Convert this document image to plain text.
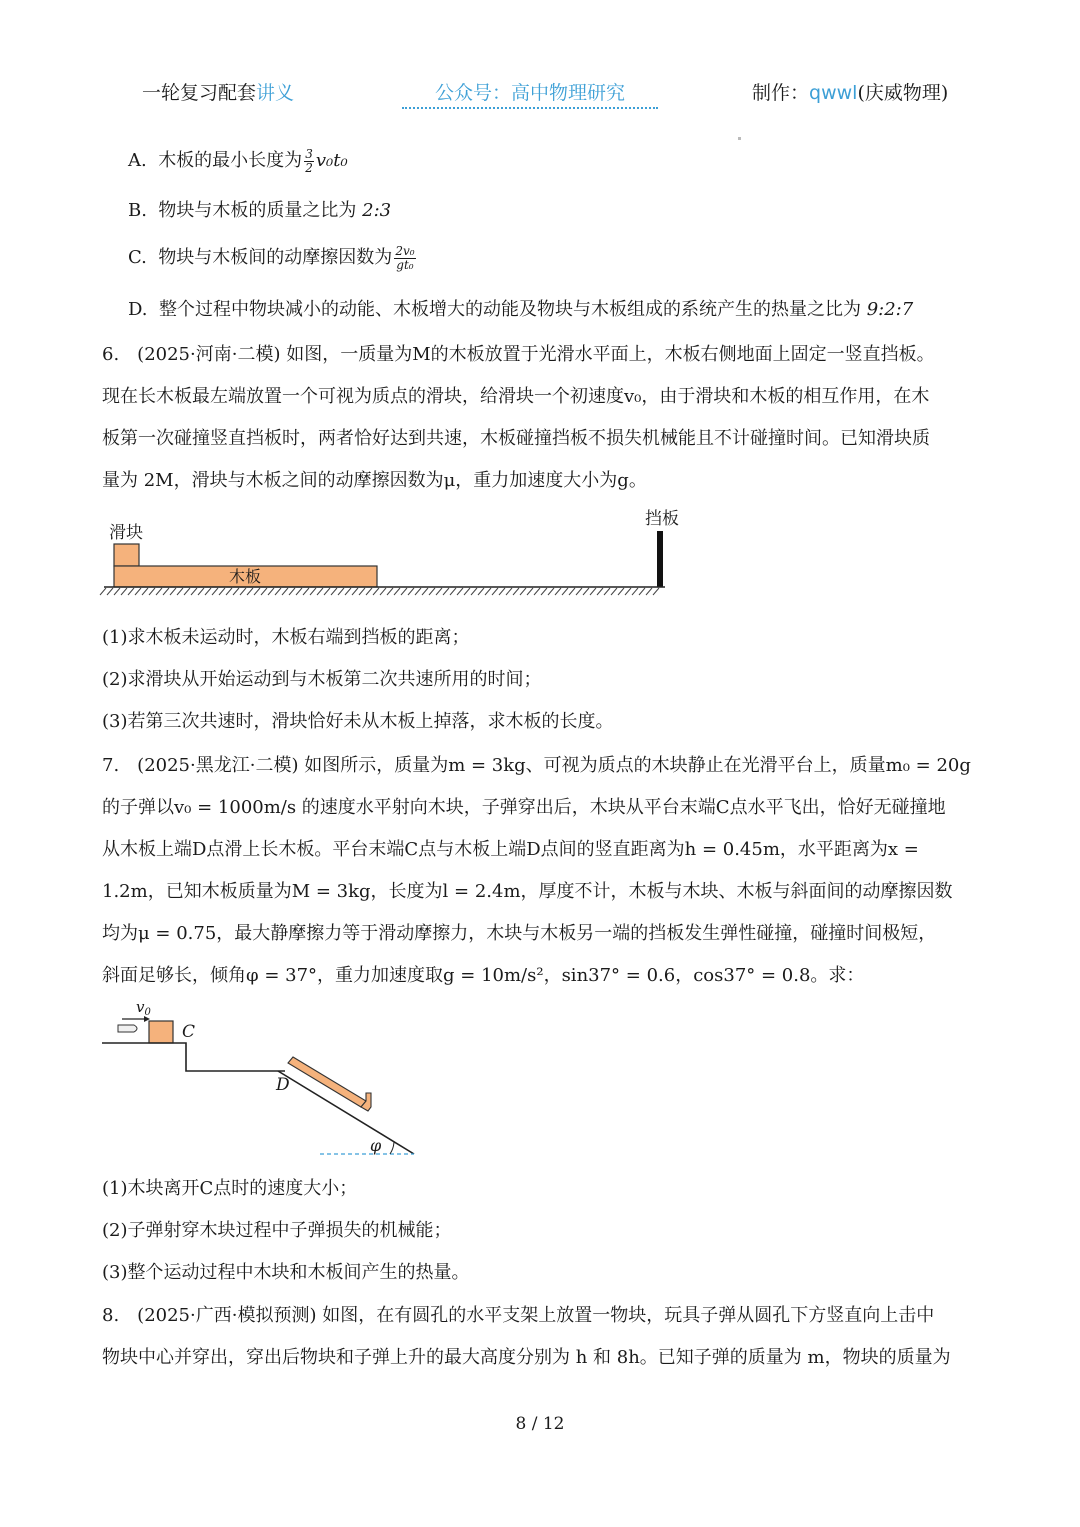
一轮复习配套讲义	公众号：高中物理研究	制作：qwwl(庆威物理)
A. 木板的最小长度为 $\frac{3}{2} v_0t_0$
B. 物块与木板的质量之比为 2:3
C. 物块与木板间的动摩擦因数为 $\frac{\text{2v₀}}{\text{gt₀}}$
D. 整个过程中物块减小的动能、木板增大的动能及物块与木板组成的系统产生的热量之比为 9:2:7
6.　(2025·河南·二模) 如图，一质量为M的木板放置于光滑水平面上，木板右侧地面上固定一竖直挡板。
现在长木板最左端放置一个可视为质点的滑块，给滑块一个初速度v₀，由于滑块和木板的相互作用，在木
板第一次碰撞竖直挡板时，两者恰好达到共速，木板碰撞挡板不损失机械能且不计碰撞时间。已知滑块质
量为 2M，滑块与木板之间的动摩擦因数为μ，重力加速度大小为g。
滑块
木板
挡板
(1)求木板未运动时，木板右端到挡板的距离；
(2)求滑块从开始运动到与木板第二次共速所用的时间；
(3)若第三次共速时，滑块恰好未从木板上掉落，求木板的长度。
7.　(2025·黑龙江·二模) 如图所示，质量为m = 3kg、可视为质点的木块静止在光滑平台上，质量m₀ = 20g
的子弹以v₀ = 1000m/s 的速度水平射向木块，子弹穿出后，木块从平台末端C点水平飞出，恰好无碰撞地
从木板上端D点滑上长木板。平台末端C点与木板上端D点间的竖直距离为h = 0.45m，水平距离为x =
1.2m，已知木板质量为M = 3kg，长度为l = 2.4m，厚度不计，木板与木块、木板与斜面间的动摩擦因数
均为μ = 0.75，最大静摩擦力等于滑动摩擦力，木块与木板另一端的挡板发生弹性碰撞，碰撞时间极短，
斜面足够长，倾角φ = 37°，重力加速度取g = 10m/s²，sin37° = 0.6，cos37° = 0.8。求：
$v_0$
C
φ
D
(1)木块离开C点时的速度大小；
(2)子弹射穿木块过程中子弹损失的机械能；
(3)整个运动过程中木块和木板间产生的热量。
8.　(2025·广西·模拟预测) 如图，在有圆孔的水平支架上放置一物块，玩具子弹从圆孔下方竖直向上击中
物块中心并穿出，穿出后物块和子弹上升的最大高度分别为 h 和 8h。已知子弹的质量为 m，物块的质量为
8 / 12
